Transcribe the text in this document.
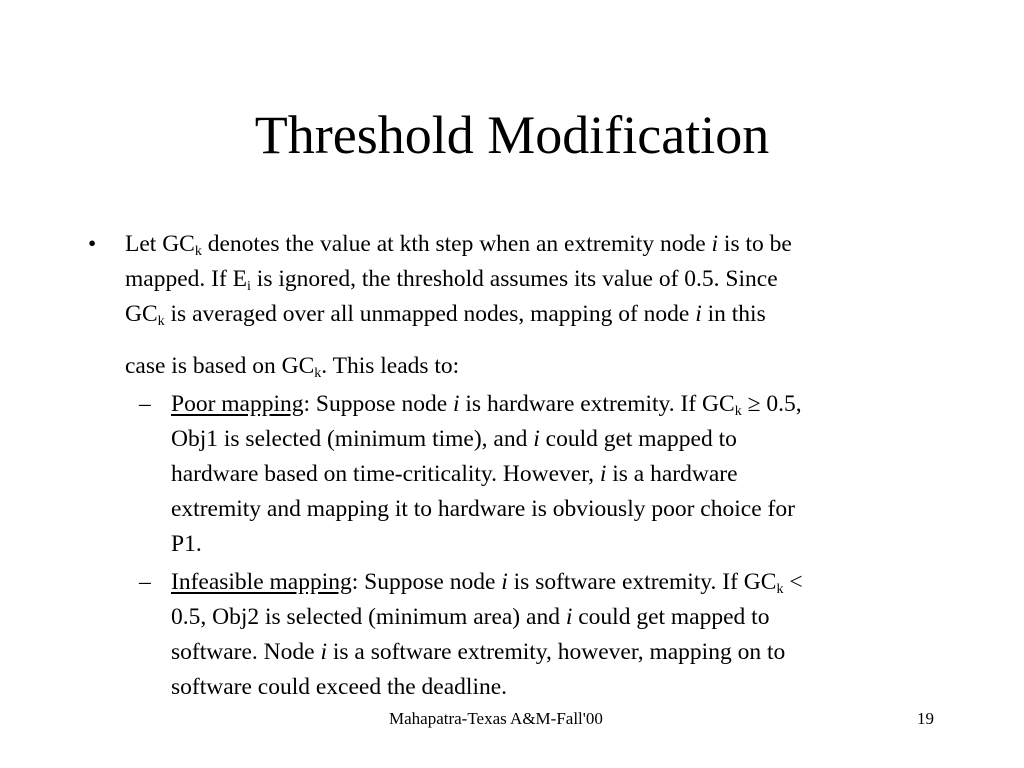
Threshold Modification
• Let $GC_k$ denotes the value at kth step when an extremity node i is to be
mapped. If $E_i$ is ignored, the threshold assumes its value of 0.5. Since
$GC_k$ is averaged over all unmapped nodes, mapping of node i in this
case is based on $GC_k$. This leads to:
– Poor mapping: Suppose node i is hardware extremity. If $GC_k \ge 0.5$,
Obj1 is selected (minimum time), and i could get mapped to
hardware based on time-criticality. However, i is a hardware
extremity and mapping it to hardware is obviously poor choice for
P1.
– Infeasible mapping: Suppose node i is software extremity. If $GC_k$ <
0.5, Obj2 is selected (minimum area) and i could get mapped to
software. Node i is a software extremity, however, mapping on to
software could exceed the deadline.
Mahapatra-Texas A&M-Fall'00	19
